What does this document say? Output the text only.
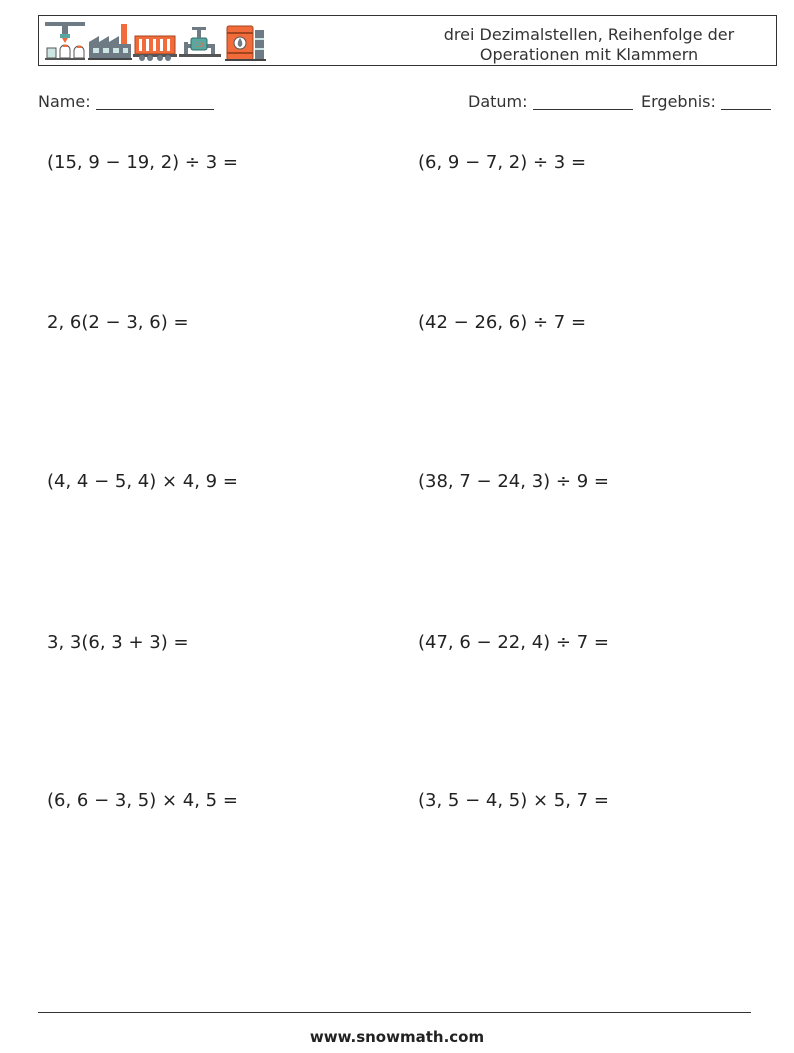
CO
drei Dezimalstellen, Reihenfolge der
Operationen mit Klammern
Name:	Datum:	Ergebnis:
(15, 9 − 19, 2) ÷ 3 =	(6, 9 − 7, 2) ÷ 3 =
2, 6(2 − 3, 6) =	(42 − 26, 6) ÷ 7 =
(4, 4 − 5, 4) × 4, 9 =	(38, 7 − 24, 3) ÷ 9 =
3, 3(6, 3 + 3) =	(47, 6 − 22, 4) ÷ 7 =
(6, 6 − 3, 5) × 4, 5 =	(3, 5 − 4, 5) × 5, 7 =
www.snowmath.com
